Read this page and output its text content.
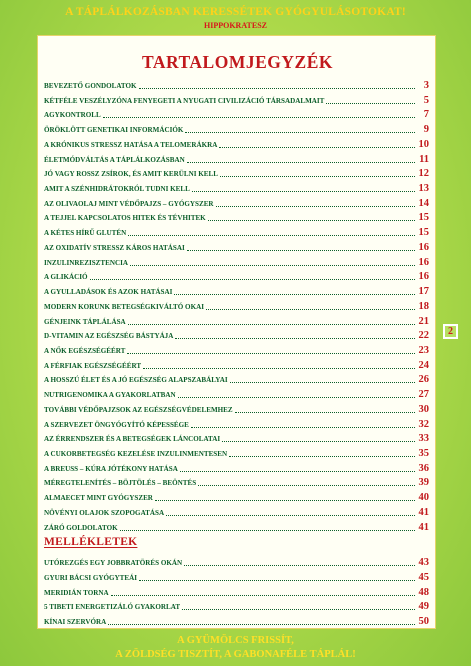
A TÁPLÁLKOZÁSBAN KERESSÉTEK GYÓGYULÁSOTOKAT!
HIPPOKRATESZ
TARTALOMJEGYZÉK
BEVEZETŐ GONDOLATOK	3
KÉTFÉLE VESZÉLYZÓNA FENYEGETI A NYUGATI CIVILIZÁCIÓ TÁRSADALMAIT	5
AGYKONTROLL	7
ÖRÖKLÖTT GENETIKAI INFORMÁCIÓK	9
A KRÓNIKUS STRESSZ HATÁSA A TELOMERÁKRA	10
ÉLETMÓDVÁLTÁS A TÁPLÁLKOZÁSBAN	11
JÓ VAGY ROSSZ ZSÍROK, ÉS AMIT KERÜLNI KELL	12
AMIT A SZÉNHIDRÁTOKRÓL TUDNI KELL	13
AZ OLIVAOLAJ MINT VÉDŐPAJZS – GYÓGYSZER	14
A TEJJEL KAPCSOLATOS HITEK ÉS TÉVHITEK	15
A KÉTES HÍRŰ GLUTÉN	15
AZ OXIDATÍV STRESSZ KÁROS HATÁSAI	16
INZULINREZISZTENCIA	16
A GLIKÁCIÓ	16
A GYULLADÁSOK ÉS AZOK HATÁSAI	17
MODERN KORUNK BETEGSÉGKIVÁLTÓ OKAI	18
GÉNJEINK TÁPLÁLÁSA	21
D-VITAMIN AZ EGÉSZSÉG BÁSTYÁJA	22
A NŐK EGÉSZSÉGÉÉRT	23
A FÉRFIAK EGÉSZSÉGÉÉRT	24
A HOSSZÚ ÉLET ÉS A JÓ EGÉSZSÉG ALAPSZABÁLYAI	26
NUTRIGENOMIKA A GYAKORLATBAN	27
TOVÁBBI VÉDŐPAJZSOK AZ EGÉSZSÉGVÉDELEMHEZ	30
A SZERVEZET ÖNGYÓGYÍTÓ KÉPESSÉGE	32
AZ ÉRRENDSZER ÉS A BETEGSÉGEK LÁNCOLATAI	33
A CUKORBETEGSÉG KEZELÉSE INZULINMENTESEN	35
A BREUSS – KÚRA JÓTÉKONY HATÁSA	36
MÉREGTELENÍTÉS – BÖJTÖLÉS – BEÖNTÉS	39
ALMAECET MINT GYÓGYSZER	40
NÖVÉNYI OLAJOK SZOPOGATÁSA	41
ZÁRÓ GOLDOLATOK	41
MELLÉKLETEK
UTÓREZGÉS EGY JOBBRATÖRÉS OKÁN	43
GYURI BÁCSI GYÓGYTEÁI	45
MERIDIÁN TORNA	48
5 TIBETI ENERGETIZÁLÓ GYAKORLAT	49
KÍNAI SZERVÓRA	50
2
A GYÜMÖLCS FRISSÍT,
A ZÖLDSÉG TISZTÍT, A GABONAFÉLE TÁPLÁL!
